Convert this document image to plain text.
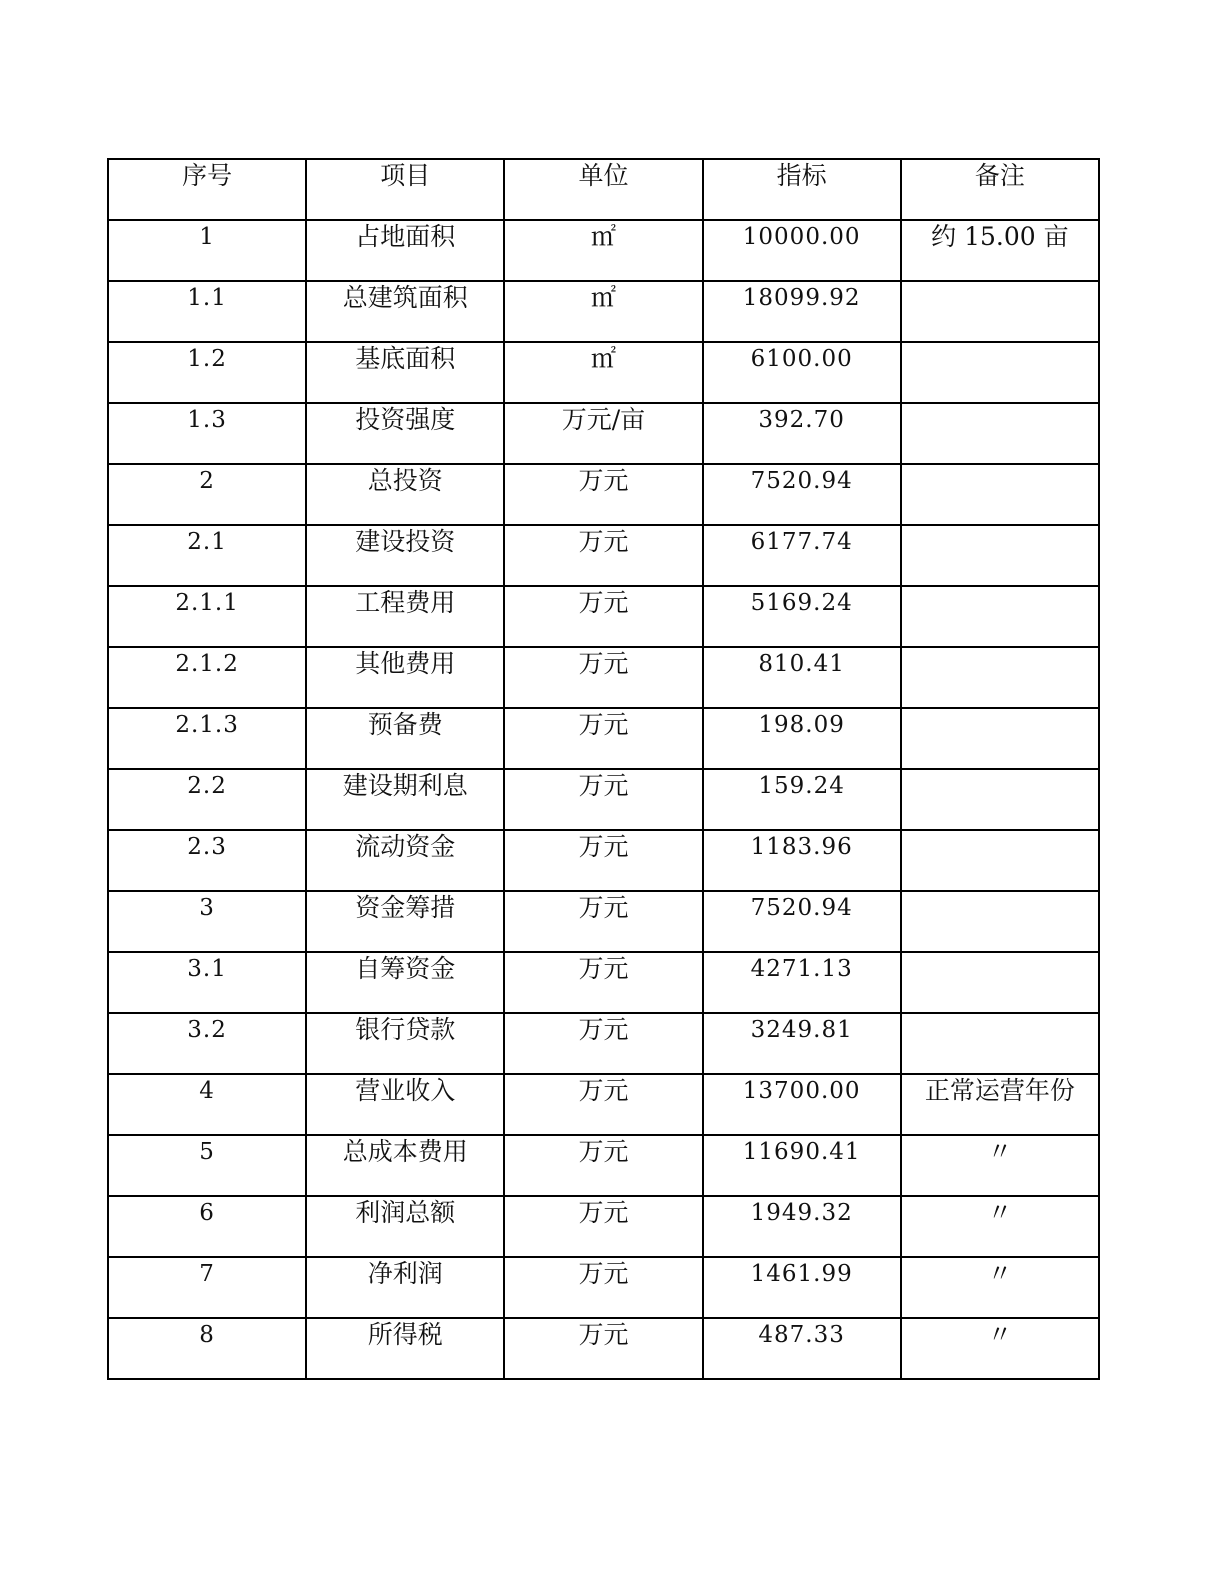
序号	项目	单位	指标	备注
1	占地面积	㎡	10000.00	约 15.00 亩
1.1	总建筑面积	㎡	18099.92	
1.2	基底面积	㎡	6100.00	
1.3	投资强度	万元/亩	392.70	
2	总投资	万元	7520.94	
2.1	建设投资	万元	6177.74	
2.1.1	工程费用	万元	5169.24	
2.1.2	其他费用	万元	810.41	
2.1.3	预备费	万元	198.09	
2.2	建设期利息	万元	159.24	
2.3	流动资金	万元	1183.96	
3	资金筹措	万元	7520.94	
3.1	自筹资金	万元	4271.13	
3.2	银行贷款	万元	3249.81	
4	营业收入	万元	13700.00	正常运营年份
5	总成本费用	万元	11690.41	〃
6	利润总额	万元	1949.32	〃
7	净利润	万元	1461.99	〃
8	所得税	万元	487.33	〃
